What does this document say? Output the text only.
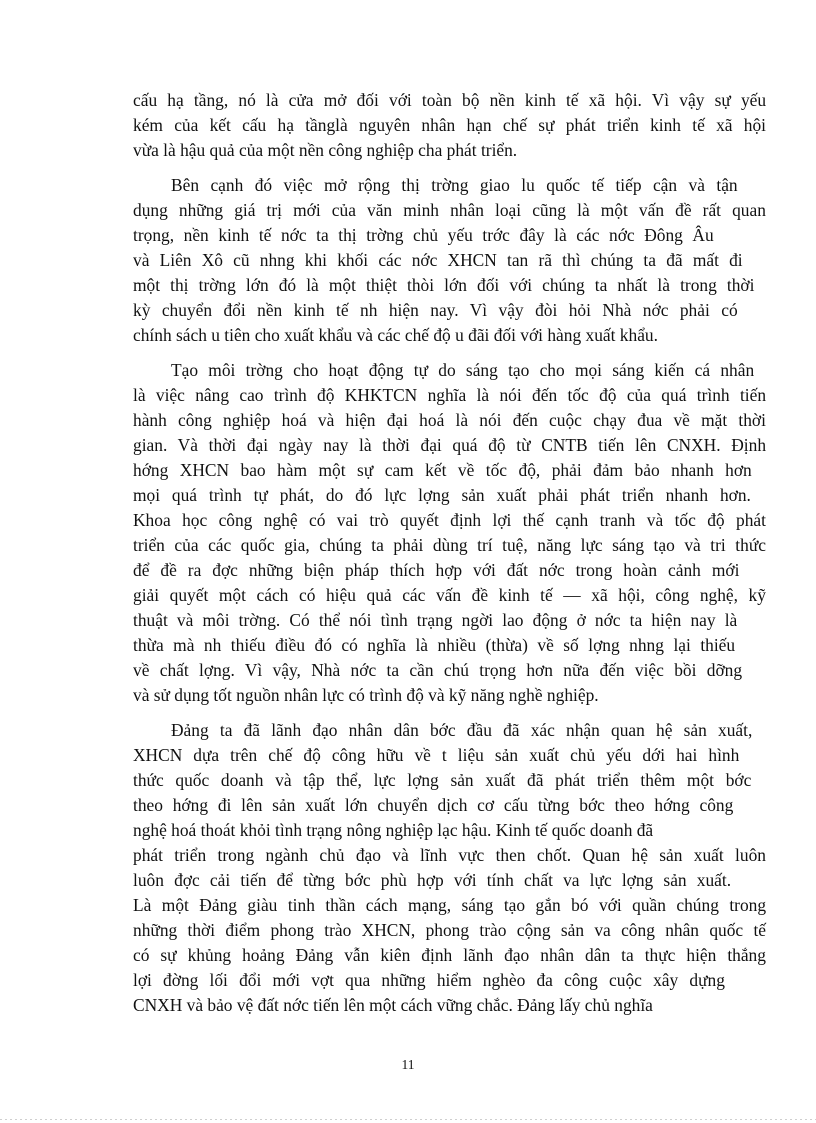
cấu hạ tầng, nó là cửa mở đối với toàn bộ nền kinh tế xã hội. Vì vậy sự yếu
kém của kết cấu hạ tầnglà nguyên nhân hạn chế sự phát triển kinh tế xã hội
vừa là hậu quả của một nền công nghiệp cha phát triển.

Bên cạnh đó việc mở rộng thị trờng giao lu quốc tế tiếp cận và tận
dụng những giá trị mới của văn minh nhân loại cũng là một vấn đề rất quan
trọng, nền kinh tế nớc ta thị trờng chủ yếu trớc đây là các nớc Đông Âu
và Liên Xô cũ nhng khi khối các nớc XHCN tan rã thì chúng ta đã mất đi
một thị trờng lớn đó là một thiệt thòi lớn đối với chúng ta nhất là trong thời
kỳ chuyển đổi nền kinh tế nh hiện nay. Vì vậy đòi hỏi Nhà nớc phải có
chính sách u tiên cho xuất khẩu và các chế độ u đãi đối với hàng xuất khẩu.

Tạo môi trờng cho hoạt động tự do sáng tạo cho mọi sáng kiến cá nhân
là việc nâng cao trình độ KHKTCN nghĩa là nói đến tốc độ của quá trình tiến
hành công nghiệp hoá và hiện đại hoá là nói đến cuộc chạy đua về mặt thời
gian. Và thời đại ngày nay là thời đại quá độ từ CNTB tiến lên CNXH. Định
hớng XHCN bao hàm một sự cam kết về tốc độ, phải đảm bảo nhanh hơn
mọi quá trình tự phát, do đó lực lợng sản xuất phải phát triển nhanh hơn.
Khoa học công nghệ có vai trò quyết định lợi thế cạnh tranh và tốc độ phát
triển của các quốc gia, chúng ta phải dùng trí tuệ, năng lực sáng tạo và tri thức
để đề ra đợc những biện pháp thích hợp với đất nớc trong hoàn cảnh mới
giải quyết một cách có hiệu quả các vấn đề kinh tế — xã hội, công nghệ, kỹ
thuật và môi trờng. Có thể nói tình trạng ngời lao động ở nớc ta hiện nay là
thừa mà nh thiếu điều đó có nghĩa là nhiều (thừa) về số lợng nhng lại thiếu
về chất lợng. Vì vậy, Nhà nớc ta cần chú trọng hơn nữa đến việc bồi dỡng
và sử dụng tốt nguồn nhân lực có trình độ và kỹ năng nghề nghiệp.

Đảng ta đã lãnh đạo nhân dân bớc đầu đã xác nhận quan hệ sản xuất,
XHCN dựa trên chế độ công hữu về t liệu sản xuất chủ yếu dới hai hình
thức quốc doanh và tập thể, lực lợng sản xuất đã phát triển thêm một bớc
theo hớng đi lên sản xuất lớn chuyển dịch cơ cấu từng bớc theo hớng công
nghệ hoá thoát khỏi tình trạng nông nghiệp lạc hậu. Kinh tế quốc doanh đã
phát triển trong ngành chủ đạo và lĩnh vực then chốt. Quan hệ sản xuất luôn
luôn đợc cải tiến để từng bớc phù hợp với tính chất va lực lợng sản xuất.
Là một Đảng giàu tinh thần cách mạng, sáng tạo gắn bó với quần chúng trong
những thời điểm phong trào XHCN, phong trào cộng sản va công nhân quốc tế
có sự khủng hoảng Đảng vẫn kiên định lãnh đạo nhân dân ta thực hiện thắng
lợi đờng lối đổi mới vợt qua những hiểm nghèo đa công cuộc xây dựng
CNXH và bảo vệ đất nớc tiến lên một cách vững chắc. Đảng lấy chủ nghĩa

11
